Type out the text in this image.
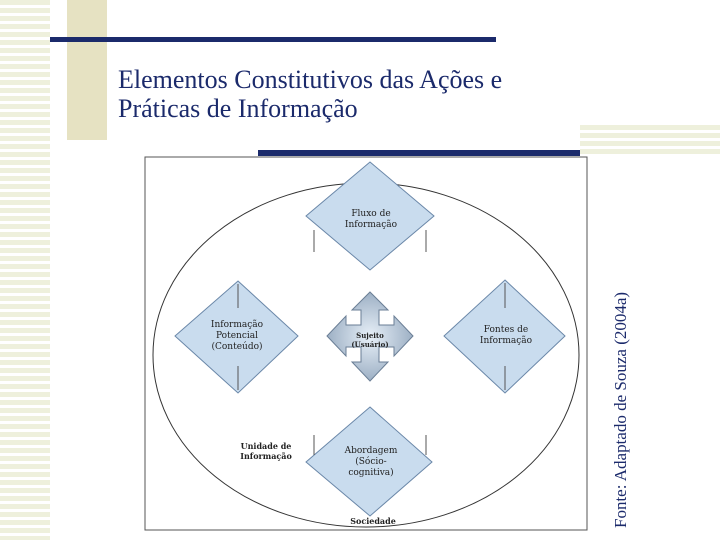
Elementos Constitutivos das Ações e
Práticas de Informação
Fluxo de Informação
Informação Potencial (Conteúdo)
Fontes de Informação
Sujeito (Usuário)
Abordagem (Sócio-cognitiva)
Unidade de Informação
Sociedade	Fonte: Adaptado de Souza (2004a)
